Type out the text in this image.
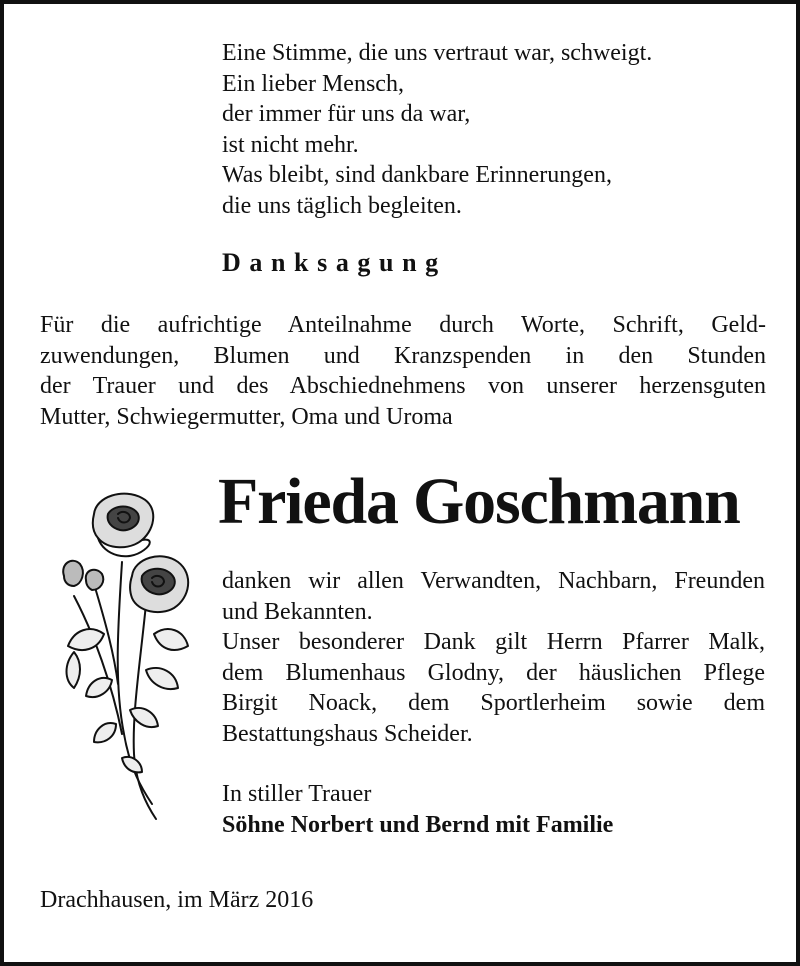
Eine Stimme, die uns vertraut war, schweigt.
Ein lieber Mensch,
der immer für uns da war,
ist nicht mehr.
Was bleibt, sind dankbare Erinnerungen,
die uns täglich begleiten.
Danksagung
Für die aufrichtige Anteilnahme durch Worte, Schrift, Geld-
zuwendungen, Blumen und Kranzspenden in den Stunden
der Trauer und des Abschiednehmens von unserer herzensguten
Mutter, Schwiegermutter, Oma und Uroma
Frieda Goschmann
danken wir allen Verwandten, Nachbarn, Freunden
und Bekannten.
Unser besonderer Dank gilt Herrn Pfarrer Malk,
dem Blumenhaus Glodny, der häuslichen Pflege
Birgit Noack, dem Sportlerheim sowie dem
Bestattungshaus Scheider.
In stiller Trauer
Söhne Norbert und Bernd mit Familie
Drachhausen, im März 2016
